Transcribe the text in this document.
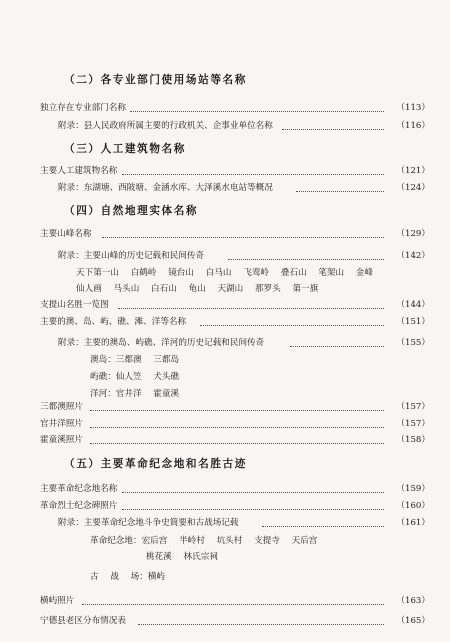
（二）各专业部门使用场站等名称
独立存在专业部门名称	（113）
附录：县人民政府所属主要的行政机关、企事业单位名称	（116）
（三）人工建筑物名称
主要人工建筑物名称	（121）
附录：东湖塘、西陂塘、金涵水库、大泽溪水电站等概况	（124）
（四）自然地理实体名称
主要山峰名称	（129）
附录：主要山峰的历史记载和民间传奇	（142）
天下第一山 白鹤岭 镜台山 白马山 飞鸾岭 叠石山 笔架山 金峰
仙人画 马头山 白石山 龟山 天湖山 那罗头 第一旗
支提山名胜一览图	（144）
主要的澳、岛、屿、礁、滩、洋等名称	（151）
附录：主要的澳岛、屿礁、洋河的历史记载和民间传奇	（155）
澳岛：三都澳 三都岛
屿礁：仙人笠 犬头礁
洋河：官井洋 霍童溪
三都澳照片	（157）
官井洋照片	（157）
霍童溪照片	（158）
（五）主要革命纪念地和名胜古迹
主要革命纪念地名称	（159）
革命烈士纪念碑照片	（160）
附录：主要革命纪念地斗争史简要和古战场记载	（161）
革命纪念地：宏后宫 半岭村 坑头村 支提寺 天后宫
桃花溪 林氏宗祠
古 战 场：横屿
横屿照片	（163）
宁德县老区分布情况表	（165）
